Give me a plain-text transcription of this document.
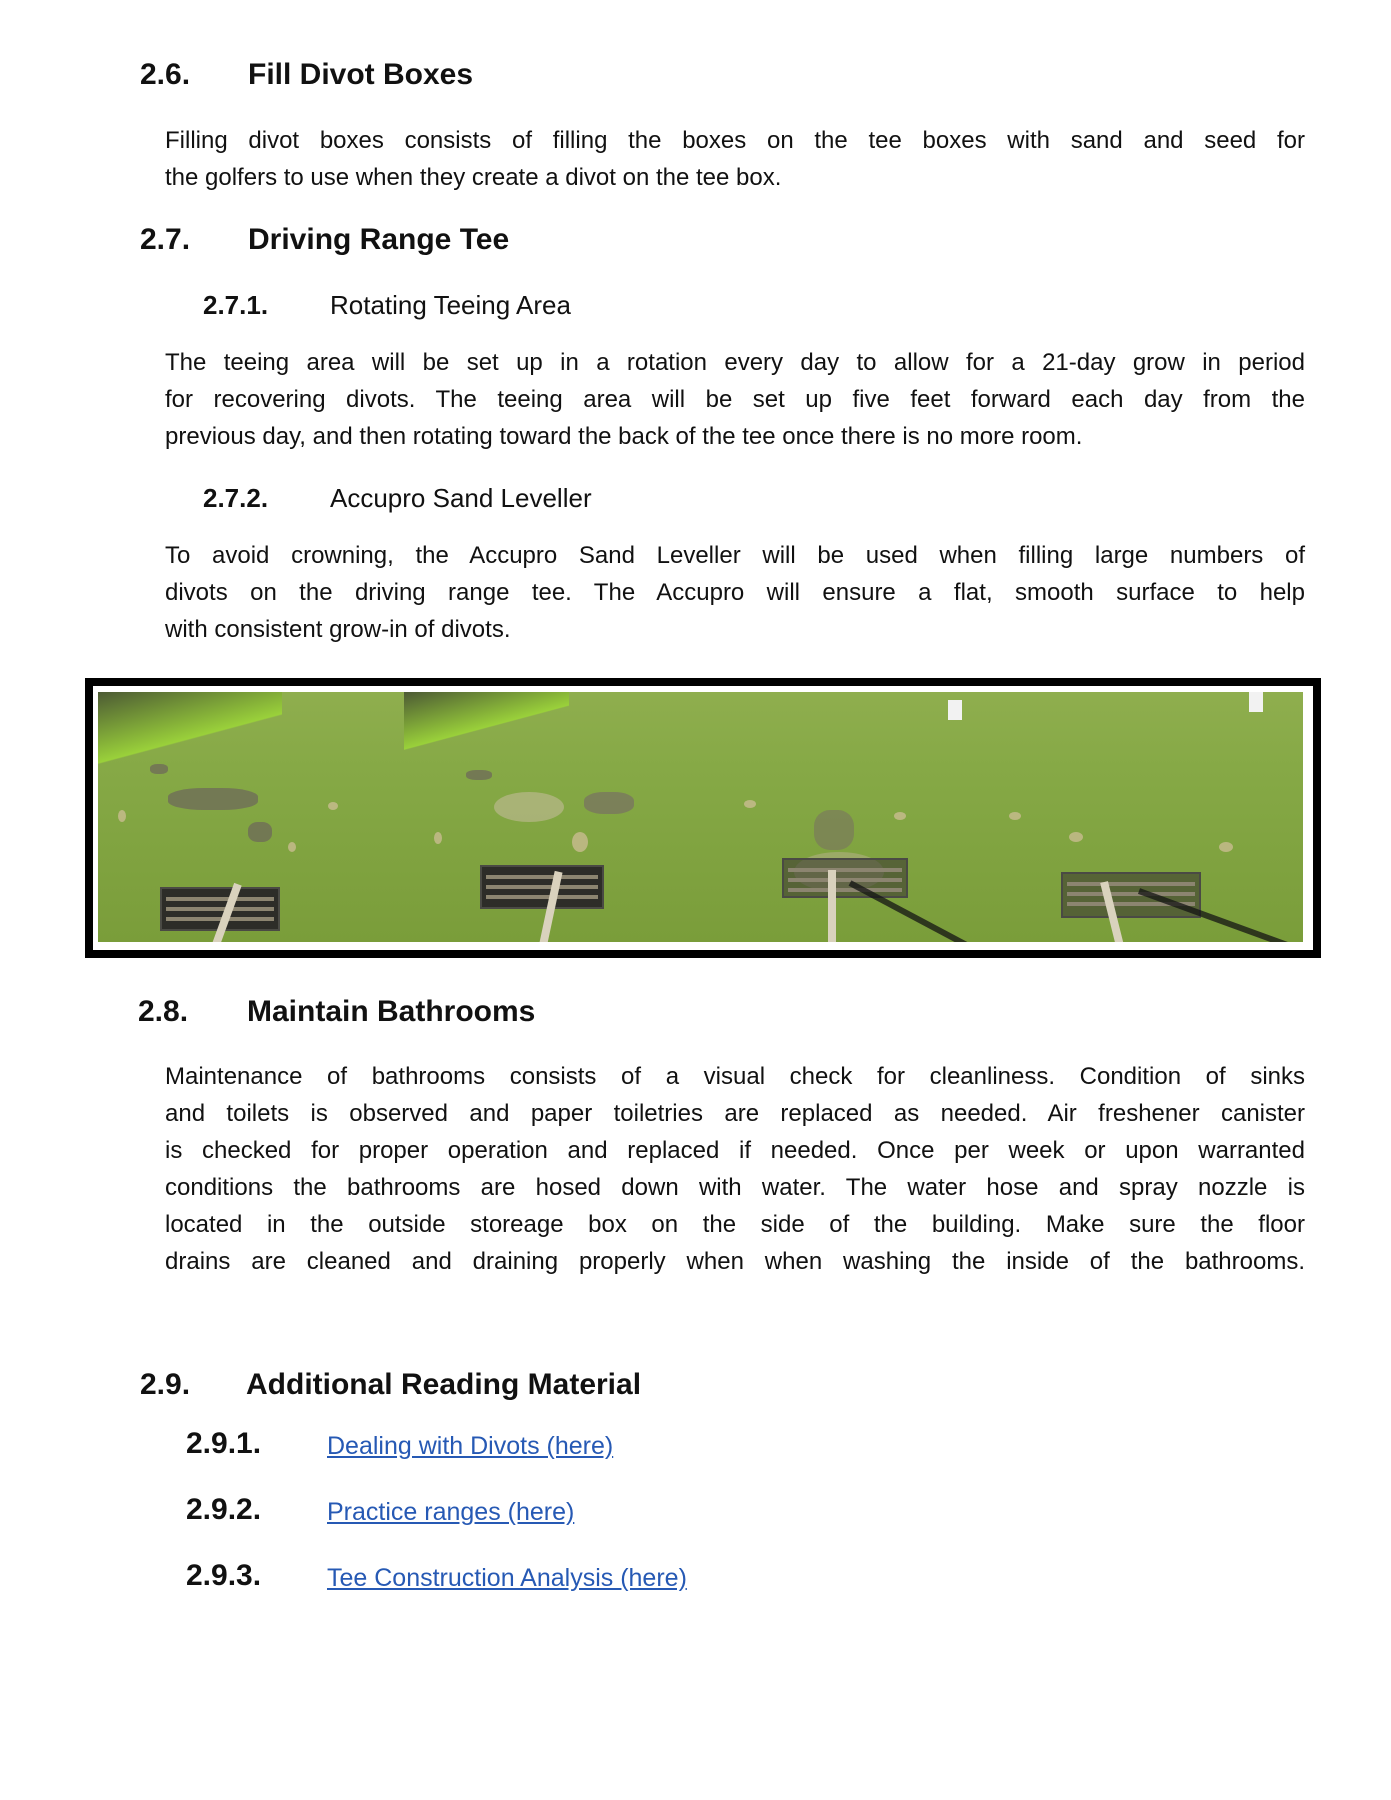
2.6. Fill Divot Boxes
Filling divot boxes consists of filling the boxes on the tee boxes with sand and seed for
the golfers to use when they create a divot on the tee box.
2.7. Driving Range Tee
2.7.1. Rotating Teeing Area
The teeing area will be set up in a rotation every day to allow for a 21-day grow in period
for recovering divots. The teeing area will be set up five feet forward each day from the
previous day, and then rotating toward the back of the tee once there is no more room.
2.7.2. Accupro Sand Leveller
To avoid crowning, the Accupro Sand Leveller will be used when filling large numbers of
divots on the driving range tee. The Accupro will ensure a flat, smooth surface to help
with consistent grow-in of divots.
2.8. Maintain Bathrooms
Maintenance of bathrooms consists of a visual check for cleanliness. Condition of sinks
and toilets is observed and paper toiletries are replaced as needed. Air freshener canister
is checked for proper operation and replaced if needed. Once per week or upon warranted
conditions the bathrooms are hosed down with water. The water hose and spray nozzle is
located in the outside storeage box on the side of the building. Make sure the floor
drains are cleaned and draining properly when when washing the inside of the bathrooms.
2.9. Additional Reading Material
2.9.1.	Dealing with Divots (here)
2.9.2.	Practice ranges (here)
2.9.3.	Tee Construction Analysis (here)
